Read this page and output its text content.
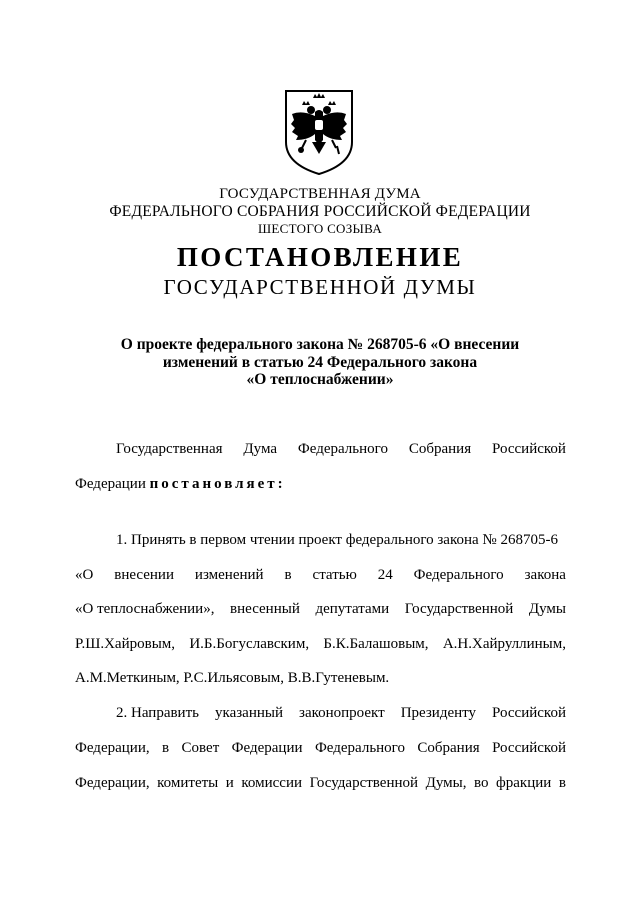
ГОСУДАРСТВЕННАЯ ДУМА
ФЕДЕРАЛЬНОГО СОБРАНИЯ РОССИЙСКОЙ ФЕДЕРАЦИИ
ШЕСТОГО СОЗЫВА
ПОСТАНОВЛЕНИЕ
ГОСУДАРСТВЕННОЙ ДУМЫ
О проекте федерального закона № 268705-6 «О внесении
изменений в статью 24 Федерального закона
«О теплоснабжении»
Государственная Дума Федерального Собрания Российской
Федерации постановляет:
1. Принять в первом чтении проект федерального закона № 268705-6
«О внесении изменений в статью 24 Федерального закона
«О теплоснабжении», внесенный депутатами Государственной Думы
Р.Ш.Хайровым, И.Б.Богуславским, Б.К.Балашовым, А.Н.Хайруллиным,
А.М.Меткиным, Р.С.Ильясовым, В.В.Гутеневым.
2. Направить указанный законопроект Президенту Российской
Федерации, в Совет Федерации Федерального Собрания Российской
Федерации, комитеты и комиссии Государственной Думы, во фракции в
